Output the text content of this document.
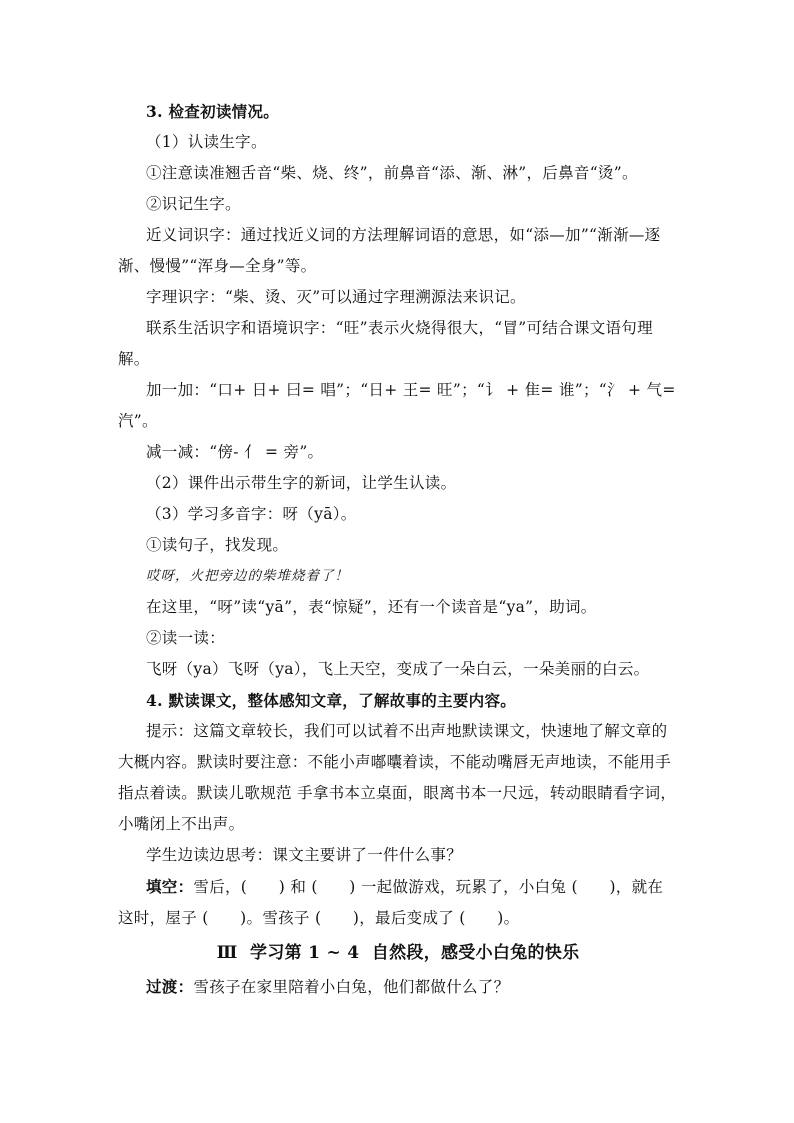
3. 检查初读情况。

（1）认读生字。

①注意读准翘舌音“柴、烧、终”，前鼻音“添、渐、淋”，后鼻音“烫”。

②识记生字。

近义词识字：通过找近义词的方法理解词语的意思，如“添—加”“渐渐—逐渐、慢慢”“浑身—全身”等。

字理识字：“柴、烫、灭”可以通过字理溯源法来识记。

联系生活识字和语境识字：“旺”表示火烧得很大，“冒”可结合课文语句理解。

加一加：“口+ 日+ 曰= 唱”；“日+ 王= 旺”；“讠 + 隹= 谁”；“氵 + 气= 汽”。

减一减：“傍- 亻 = 旁”。

（2）课件出示带生字的新词，让学生认读。

（3）学习多音字：呀（yā）。

①读句子，找发现。

哎呀，火把旁边的柴堆烧着了！

在这里，“呀”读“yā”，表“惊疑”，还有一个读音是“ya”，助词。

②读一读：

飞呀（ya）飞呀（ya），飞上天空，变成了一朵白云，一朵美丽的白云。

4. 默读课文，整体感知文章，了解故事的主要内容。

提示：这篇文章较长，我们可以试着不出声地默读课文，快速地了解文章的大概内容。默读时要注意：不能小声嘟囔着读，不能动嘴唇无声地读，不能用手指点着读。默读儿歌规范 手拿书本立桌面，眼离书本一尺远，转动眼睛看字词，小嘴闭上不出声。

学生边读边思考：课文主要讲了一件什么事？

填空：雪后，(　　) 和 (　　) 一起做游戏，玩累了，小白兔 (　　)，就在这时，屋子 (　　)。雪孩子 (　　)，最后变成了 (　　)。

Ⅲ  学习第 1 ~ 4  自然段，感受小白兔的快乐

过渡：雪孩子在家里陪着小白兔，他们都做什么了？
